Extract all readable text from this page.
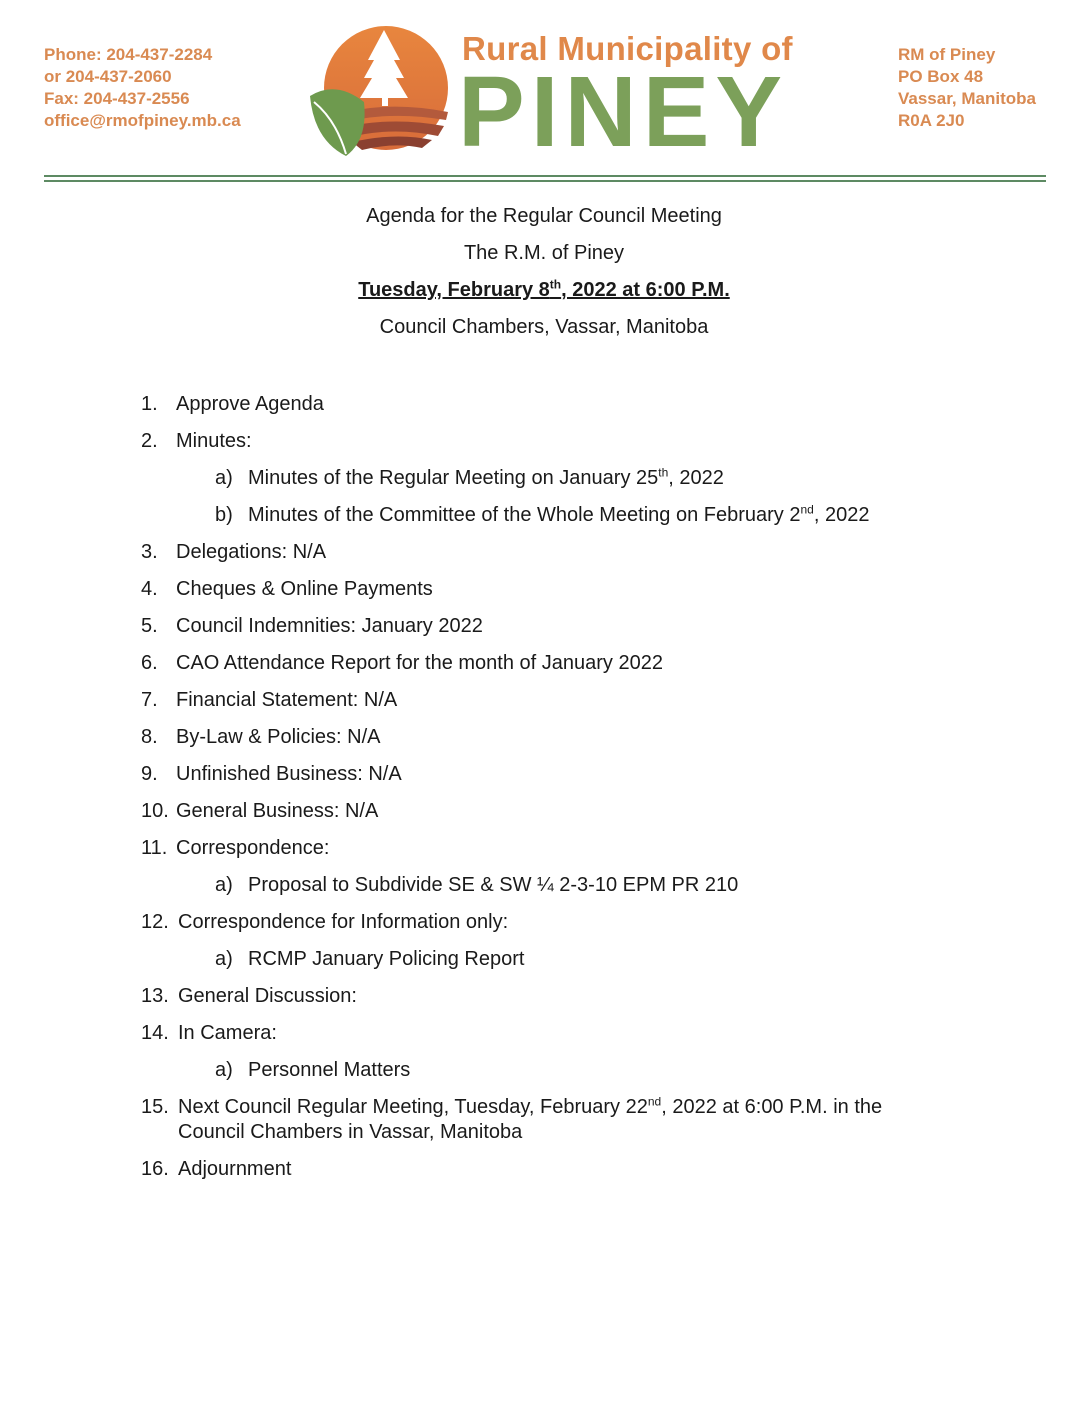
Phone: 204-437-2284
or 204-437-2060
Fax: 204-437-2556
office@rmofpiney.mb.ca
Rural Municipality of
PINEY
RM of Piney
PO Box 48
Vassar, Manitoba
R0A 2J0
Agenda for the Regular Council Meeting
The R.M. of Piney
Tuesday, February 8th, 2022 at 6:00 P.M.
Council Chambers, Vassar, Manitoba
1. Approve Agenda
2. Minutes:
a) Minutes of the Regular Meeting on January 25th, 2022
b) Minutes of the Committee of the Whole Meeting on February 2nd, 2022
3. Delegations: N/A
4. Cheques & Online Payments
5. Council Indemnities: January 2022
6. CAO Attendance Report for the month of January 2022
7. Financial Statement: N/A
8. By-Law & Policies: N/A
9. Unfinished Business: N/A
10. General Business: N/A
11. Correspondence:
a) Proposal to Subdivide SE & SW ¼ 2-3-10 EPM PR 210
12. Correspondence for Information only:
a) RCMP January Policing Report
13. General Discussion:
14. In Camera:
a) Personnel Matters
15. Next Council Regular Meeting, Tuesday, February 22nd, 2022 at 6:00 P.M. in the Council Chambers in Vassar, Manitoba
16. Adjournment
